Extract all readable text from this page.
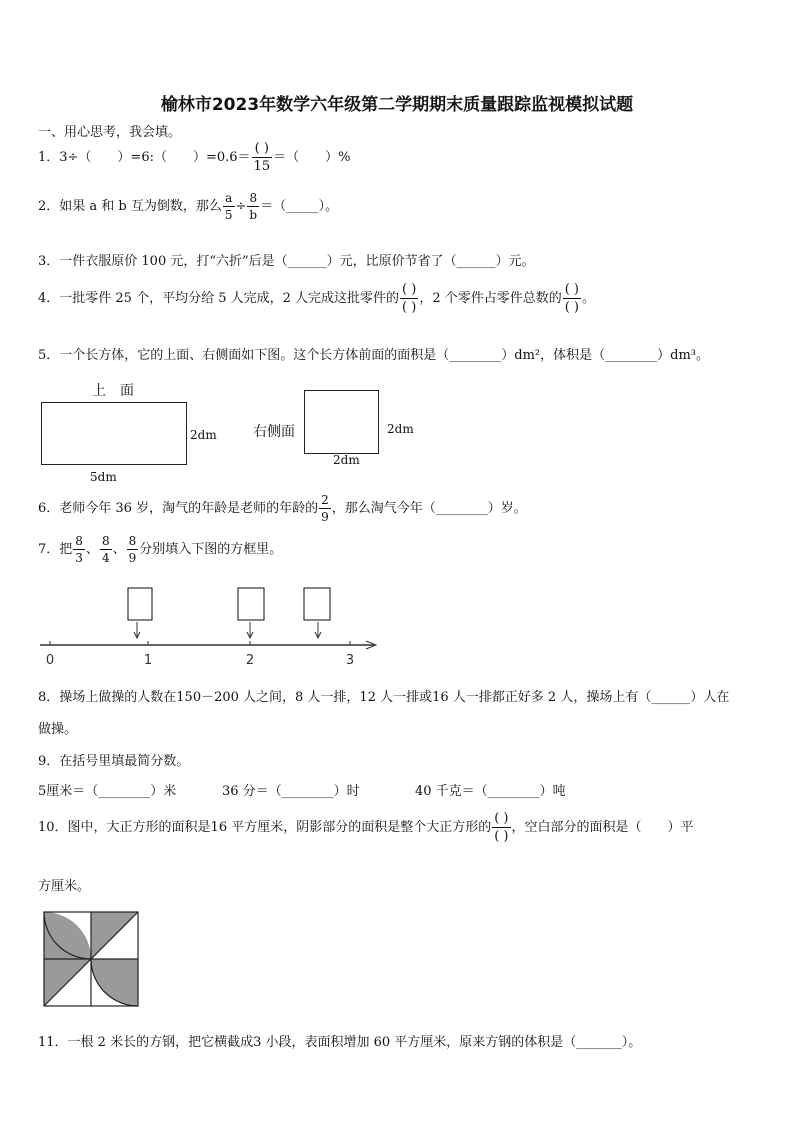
榆林市2023年数学六年级第二学期期末质量跟踪监视模拟试题
一、用心思考，我会填。
1．3÷（　　）=6:（　　）$=0.6= \frac{( )}{15}$ ＝（　　）%
2．如果 a 和 b 互为倒数，那么 $\frac{a}{5} \div \frac{8}{b}$ ＝（_____）。
3．一件衣服原价 100 元，打“六折”后是（______）元，比原价节省了（______）元。
4．一批零件 25 个，平均分给 5 人完成，2 人完成这批零件的 $\frac{( )}{( )}$ ，2 个零件占零件总数的 $\frac{( )}{( )}$ 。
5．一个长方体，它的上面、右侧面如下图。这个长方体前面的面积是（________）dm²，体积是（________）dm³。
上　面
2dm
5dm
右侧面	2dm
2dm
6．老师今年 36 岁，淘气的年龄是老师的年龄的 $\frac{2}{9}$ ，那么淘气今年（________）岁。
7．把 $\frac{8}{3}$ 、 $\frac{8}{4}$ 、 $\frac{8}{9}$ 分别填入下图的方框里。
0	1	2	3
8．操场上做操的人数在150－200 人之间，8 人一排，12 人一排或16 人一排都正好多 2 人，操场上有（______）人在
做操。
9．在括号里填最简分数。
5厘米＝（________）米	36 分＝（________）时	40 千克＝（________）吨
10．图中，大正方形的面积是16 平方厘米，阴影部分的面积是整个大正方形的 $\frac{( )}{( )}$ ，空白部分的面积是（　　）平
方厘米。
11．一根 2 米长的方钢，把它横截成3 小段，表面积增加 60 平方厘米，原来方钢的体积是（_______）。
